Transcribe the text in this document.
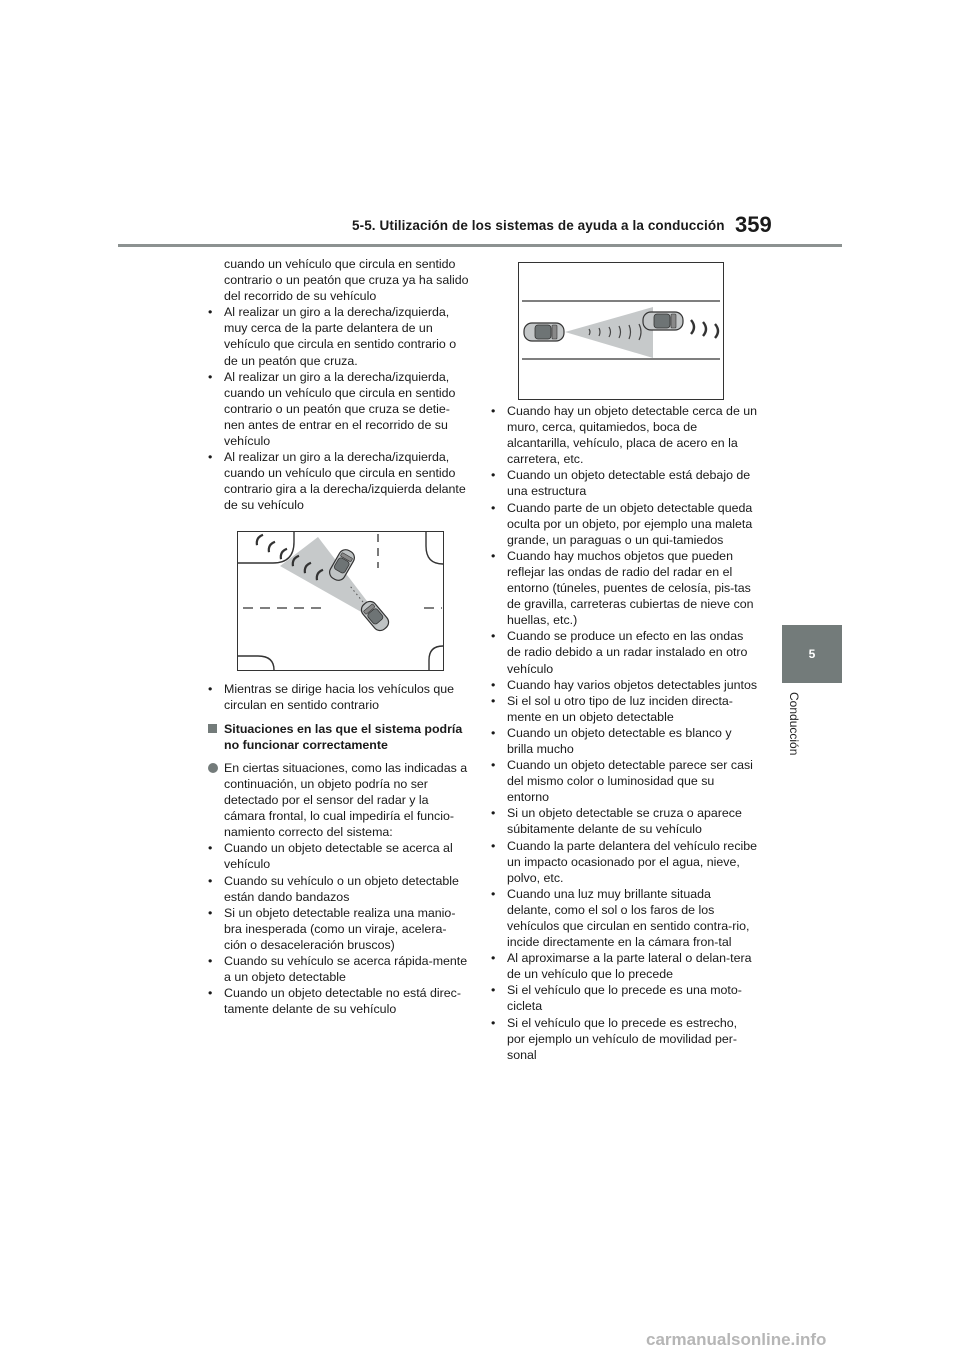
5-5. Utilización de los sistemas de ayuda a la conducción 359
5
Conducción
cuando un vehículo que circula en sentido contrario o un peatón que cruza ya ha salido del recorrido de su vehículo
• Al realizar un giro a la derecha/izquierda, muy cerca de la parte delantera de un vehículo que circula en sentido contrario o de un peatón que cruza.
• Al realizar un giro a la derecha/izquierda, cuando un vehículo que circula en sentido contrario o un peatón que cruza se detie-nen antes de entrar en el recorrido de su vehículo
• Al realizar un giro a la derecha/izquierda, cuando un vehículo que circula en sentido contrario gira a la derecha/izquierda delante de su vehículo
• Mientras se dirige hacia los vehículos que circulan en sentido contrario
Situaciones en las que el sistema podría no funcionar correctamente
En ciertas situaciones, como las indicadas a continuación, un objeto podría no ser detectado por el sensor del radar y la cámara frontal, lo cual impediría el funcio-namiento correcto del sistema:
• Cuando un objeto detectable se acerca al vehículo
• Cuando su vehículo o un objeto detectable están dando bandazos
• Si un objeto detectable realiza una manio-bra inesperada (como un viraje, acelera-ción o desaceleración bruscos)
• Cuando su vehículo se acerca rápida-mente a un objeto detectable
• Cuando un objeto detectable no está direc-tamente delante de su vehículo
• Cuando hay un objeto detectable cerca de un muro, cerca, quitamiedos, boca de alcantarilla, vehículo, placa de acero en la carretera, etc.
• Cuando un objeto detectable está debajo de una estructura
• Cuando parte de un objeto detectable queda oculta por un objeto, por ejemplo una maleta grande, un paraguas o un qui-tamiedos
• Cuando hay muchos objetos que pueden reflejar las ondas de radio del radar en el entorno (túneles, puentes de celosía, pis-tas de gravilla, carreteras cubiertas de nieve con huellas, etc.)
• Cuando se produce un efecto en las ondas de radio debido a un radar instalado en otro vehículo
• Cuando hay varios objetos detectables juntos
• Si el sol u otro tipo de luz inciden directa-mente en un objeto detectable
• Cuando un objeto detectable es blanco y brilla mucho
• Cuando un objeto detectable parece ser casi del mismo color o luminosidad que su entorno
• Si un objeto detectable se cruza o aparece súbitamente delante de su vehículo
• Cuando la parte delantera del vehículo recibe un impacto ocasionado por el agua, nieve, polvo, etc.
• Cuando una luz muy brillante situada delante, como el sol o los faros de los vehículos que circulan en sentido contra-rio, incide directamente en la cámara fron-tal
• Al aproximarse a la parte lateral o delan-tera de un vehículo que lo precede
• Si el vehículo que lo precede es una moto-cicleta
• Si el vehículo que lo precede es estrecho, por ejemplo un vehículo de movilidad per-sonal
carmanualsonline.info
